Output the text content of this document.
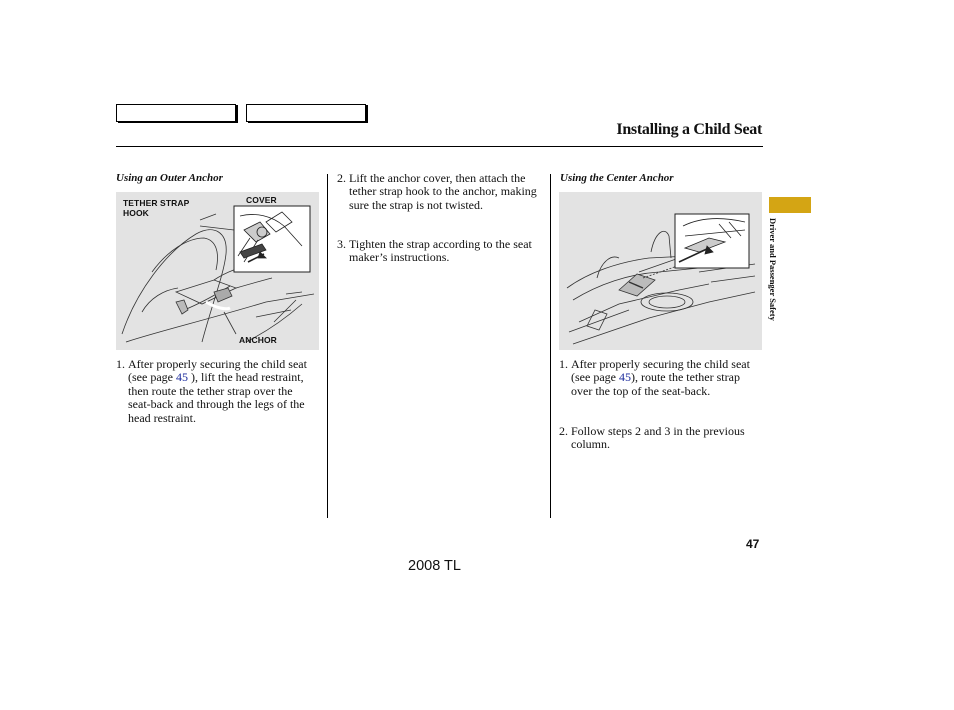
Installing a Child Seat
Using an Outer Anchor
TETHER STRAP
HOOK
COVER
ANCHOR
1. After properly securing the child seat (see page 45 ), lift the head restraint, then route the tether strap over the seat-back and through the legs of the head restraint.
2. Lift the anchor cover, then attach the tether strap hook to the anchor, making sure the strap is not twisted.
3. Tighten the strap according to the seat maker’s instructions.
Using the Center Anchor
1. After properly securing the child seat (see page 45), route the tether strap over the top of the seat-back.
2. Follow steps 2 and 3 in the previous column.
Driver and Passenger Safety
47
2008 TL
